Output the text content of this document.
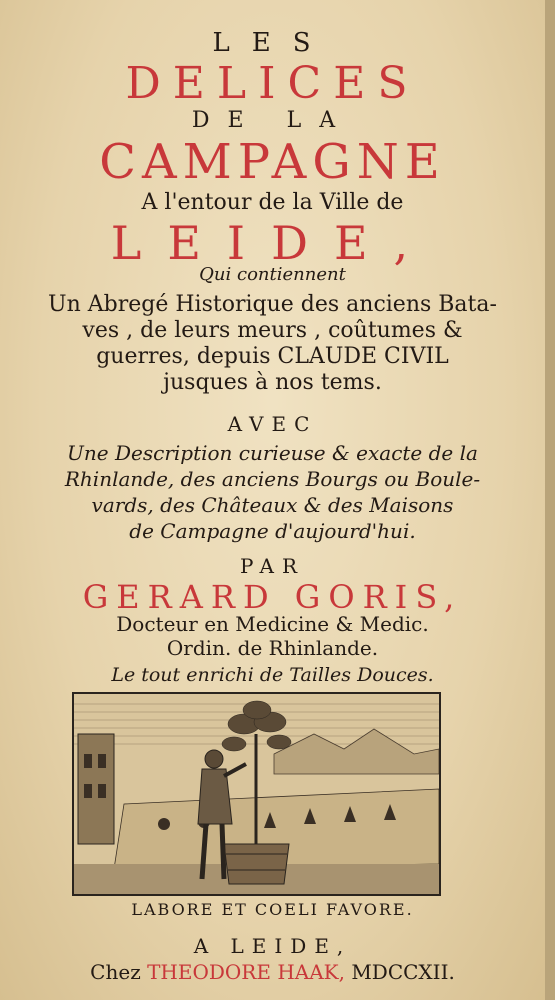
LES
DELICES
DE LA
CAMPAGNE
A l'entour de la Ville de
LEIDE,
Qui contiennent
Un Abregé Historique des anciens Bata-
ves , de leurs meurs , coûtumes &
guerres, depuis CLAUDE CIVIL
jusques à nos tems.
AVEC
Une Description curieuse & exacte de la
Rhinlande, des anciens Bourgs ou Boule-
vards, des Châteaux & des Maisons
de Campagne d'aujourd'hui.
PAR
GERARD GORIS,
Docteur en Medicine & Medic.
Ordin. de Rhinlande.
Le tout enrichi de Tailles Douces.
LABORE ET COELI FAVORE.
A LEIDE,
Chez THEODORE HAAK, MDCCXII.
